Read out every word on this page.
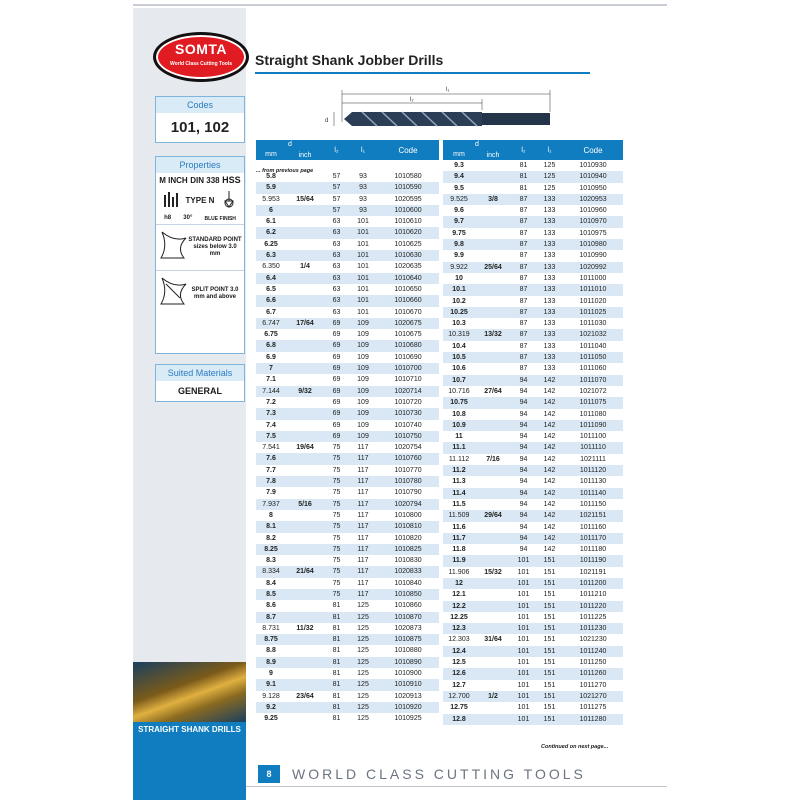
SOMTA
World Class Cutting Tools	Straight Shank Jobber Drills
Codes
101, 102
Properties
M INCH DIN 338 HSS
TYPE N
h8 30° BLUE FINISH
STANDARD POINT sizes below 3.0 mm
SPLIT POINT 3.0 mm and above
Suited Materials
GENERAL
STRAIGHT SHANK DRILLS
l₁
l₂
d
... from previous page
Continued on next page...
d		l₂	l₁	Code
mm	inch			

5.8		57	93	1010580
5.9		57	93	1010590
5.953	15/64	57	93	1020595
6		57	93	1010600
6.1		63	101	1010610
6.2		63	101	1010620
6.25		63	101	1010625
6.3		63	101	1010630
6.350	1/4	63	101	1020635
6.4		63	101	1010640
6.5		63	101	1010650
6.6		63	101	1010660
6.7		63	101	1010670
6.747	17/64	69	109	1020675
6.75		69	109	1010675
6.8		69	109	1010680
6.9		69	109	1010690
7		69	109	1010700
7.1		69	109	1010710
7.144	9/32	69	109	1020714
7.2		69	109	1010720
7.3		69	109	1010730
7.4		69	109	1010740
7.5		69	109	1010750
7.541	19/64	75	117	1020754
7.6		75	117	1010760
7.7		75	117	1010770
7.8		75	117	1010780
7.9		75	117	1010790
7.937	5/16	75	117	1020794
8		75	117	1010800
8.1		75	117	1010810
8.2		75	117	1010820
8.25		75	117	1010825
8.3		75	117	1010830
8.334	21/64	75	117	1020833
8.4		75	117	1010840
8.5		75	117	1010850
8.6		81	125	1010860
8.7		81	125	1010870
8.731	11/32	81	125	1020873
8.75		81	125	1010875
8.8		81	125	1010880
8.9		81	125	1010890
9		81	125	1010900
9.1		81	125	1010910
9.128	23/64	81	125	1020913
9.2		81	125	1010920
9.25		81	125	1010925
d		l₂	l₁	Code
mm	inch			
9.3		81	125	1010930
9.4		81	125	1010940
9.5		81	125	1010950
9.525	3/8	87	133	1020953
9.6		87	133	1010960
9.7		87	133	1010970
9.75		87	133	1010975
9.8		87	133	1010980
9.9		87	133	1010990
9.922	25/64	87	133	1020992
10		87	133	1011000
10.1		87	133	1011010
10.2		87	133	1011020
10.25		87	133	1011025
10.3		87	133	1011030
10.319	13/32	87	133	1021032
10.4		87	133	1011040
10.5		87	133	1011050
10.6		87	133	1011060
10.7		94	142	1011070
10.716	27/64	94	142	1021072
10.75		94	142	1011075
10.8		94	142	1011080
10.9		94	142	1011090
11		94	142	1011100
11.1		94	142	1011110
11.112	7/16	94	142	1021111
11.2		94	142	1011120
11.3		94	142	1011130
11.4		94	142	1011140
11.5		94	142	1011150
11.509	29/64	94	142	1021151
11.6		94	142	1011160
11.7		94	142	1011170
11.8		94	142	1011180
11.9		101	151	1011190
11.906	15/32	101	151	1021191
12		101	151	1011200
12.1		101	151	1011210
12.2		101	151	1011220
12.25		101	151	1011225
12.3		101	151	1011230
12.303	31/64	101	151	1021230
12.4		101	151	1011240
12.5		101	151	1011250
12.6		101	151	1011260
12.7		101	151	1011270
12.700	1/2	101	151	1021270
12.75		101	151	1011275
12.8		101	151	1011280
8	WORLD CLASS CUTTING TOOLS
